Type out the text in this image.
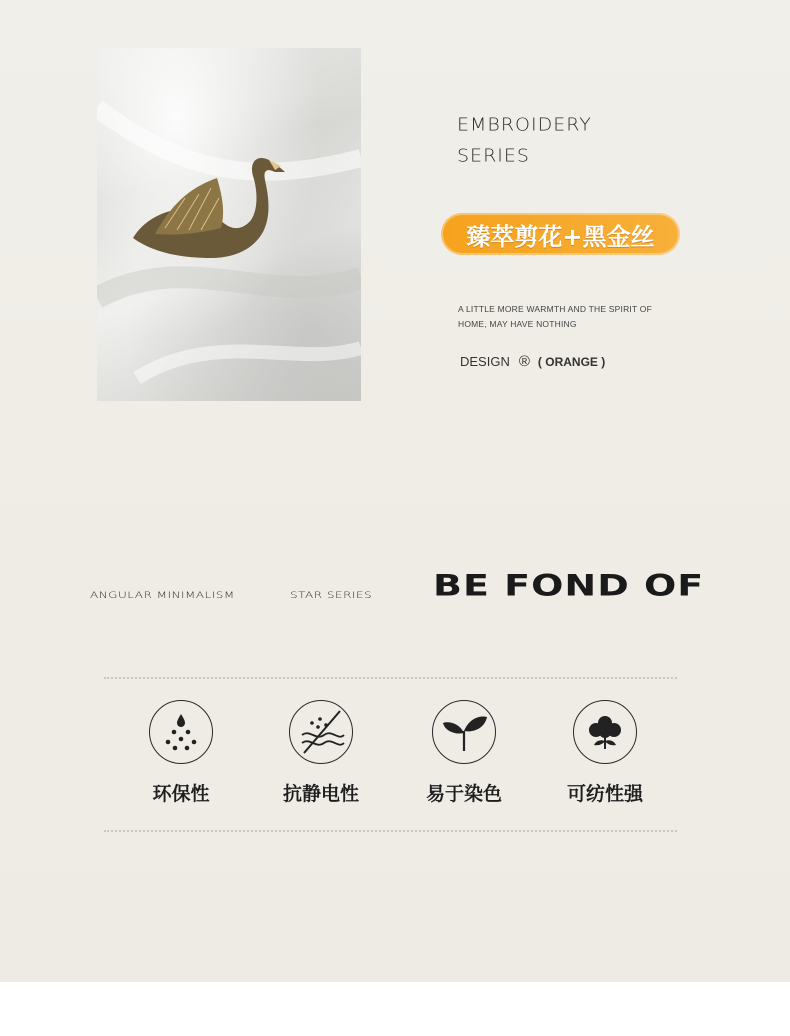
EMBROIDERY
SERIES
臻萃剪花+黑金丝
A LITTLE MORE WARMTH AND THE SPIRIT OF
HOME, MAY HAVE NOTHING
DESIGN ® ( ORANGE )
ANGULAR MINIMALISM	STAR SERIES BE FOND OF
环保性	抗静电性	易于染色	可纺性强
